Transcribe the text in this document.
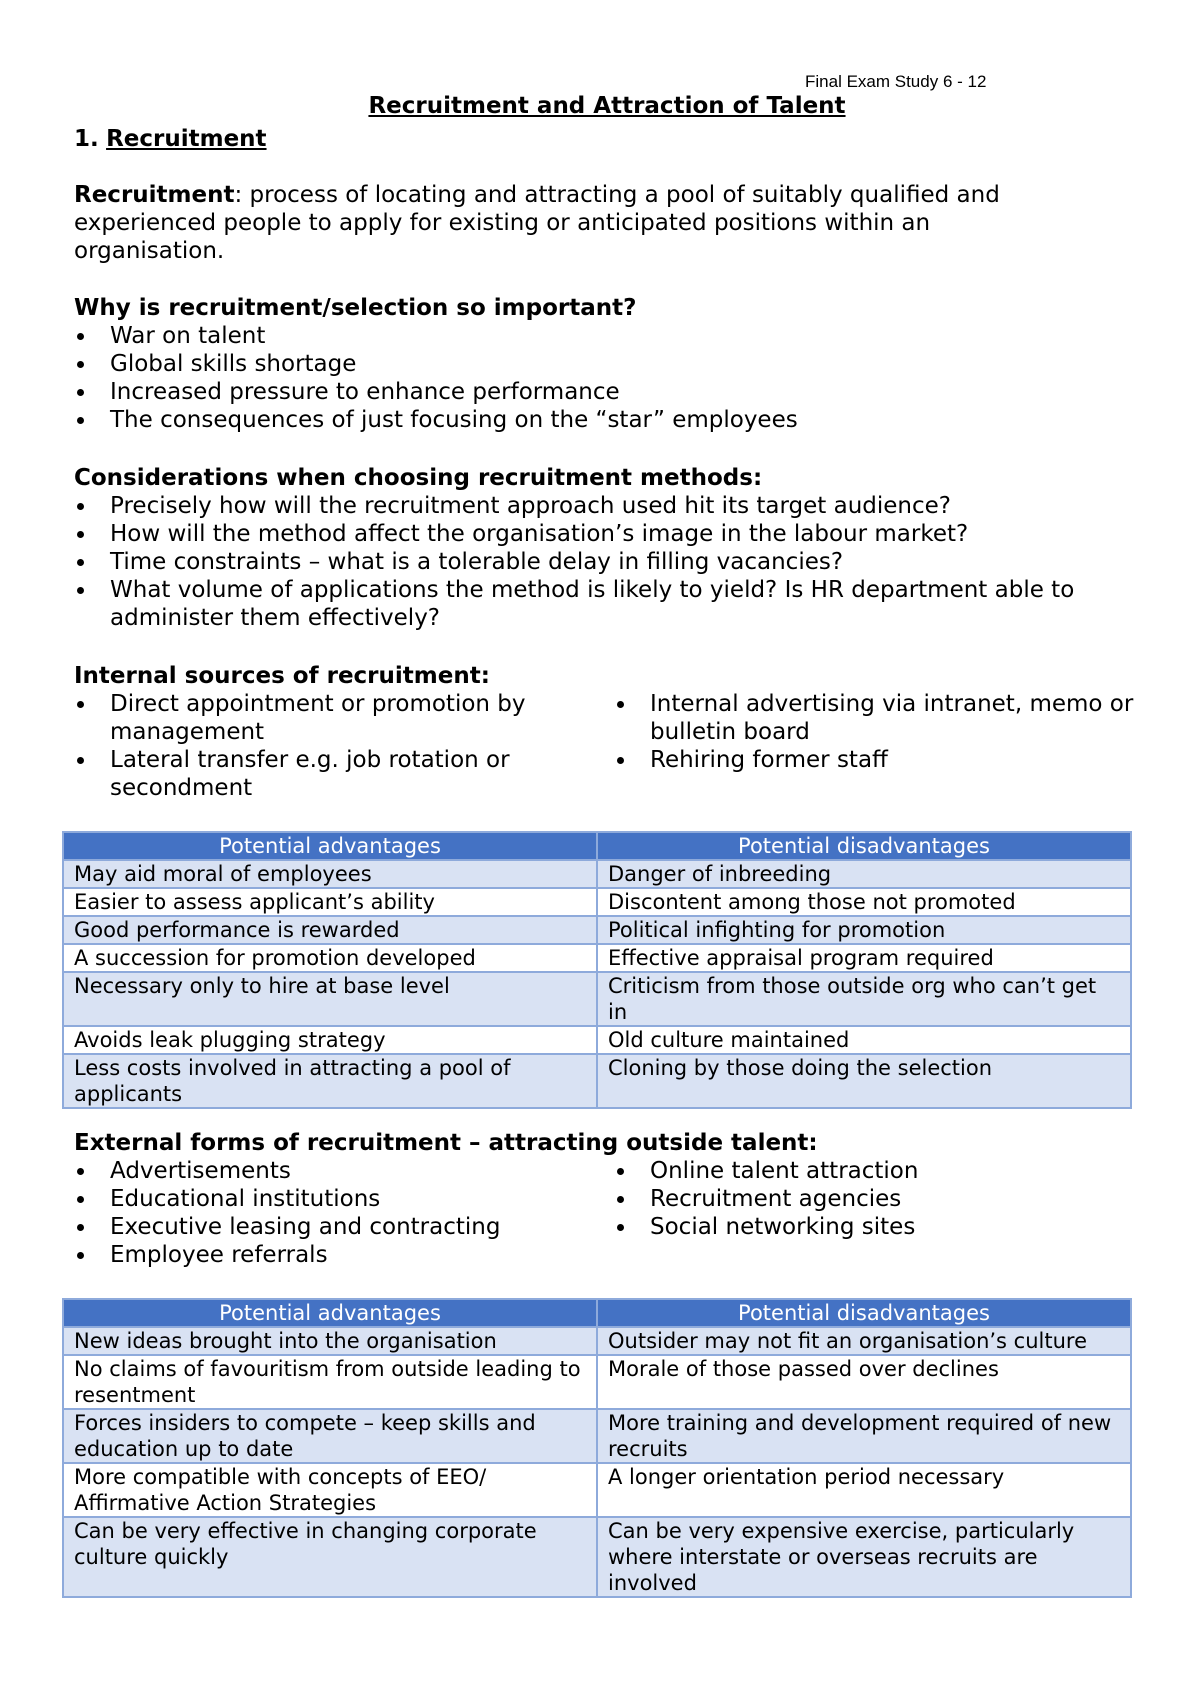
Final Exam Study 6 - 12
Recruitment and Attraction of Talent
1. Recruitment
Recruitment: process of locating and attracting a pool of suitably qualified and experienced people to apply for existing or anticipated positions within an organisation.
Why is recruitment/selection so important?
War on talent
Global skills shortage
Increased pressure to enhance performance
The consequences of just focusing on the “star” employees
Considerations when choosing recruitment methods:
Precisely how will the recruitment approach used hit its target audience?
How will the method affect the organisation’s image in the labour market?
Time constraints – what is a tolerable delay in filling vacancies?
What volume of applications the method is likely to yield? Is HR department able to administer them effectively?
Internal sources of recruitment:
Direct appointment or promotion by management
Lateral transfer e.g. job rotation or secondment
Internal advertising via intranet, memo or bulletin board
Rehiring former staff
Potential advantages	Potential disadvantages
May aid moral of employees	Danger of inbreeding
Easier to assess applicant’s ability	Discontent among those not promoted
Good performance is rewarded	Political infighting for promotion
A succession for promotion developed	Effective appraisal program required
Necessary only to hire at base level	Criticism from those outside org who can’t get in
Avoids leak plugging strategy	Old culture maintained
Less costs involved in attracting a pool of applicants	Cloning by those doing the selection
External forms of recruitment – attracting outside talent:
Advertisements
Educational institutions
Executive leasing and contracting
Employee referrals
Online talent attraction
Recruitment agencies
Social networking sites
Potential advantages	Potential disadvantages
New ideas brought into the organisation	Outsider may not fit an organisation’s culture
No claims of favouritism from outside leading to resentment	Morale of those passed over declines
Forces insiders to compete – keep skills and education up to date	More training and development required of new recruits
More compatible with concepts of EEO/ Affirmative Action Strategies	A longer orientation period necessary
Can be very effective in changing corporate culture quickly	Can be very expensive exercise, particularly where interstate or overseas recruits are involved
